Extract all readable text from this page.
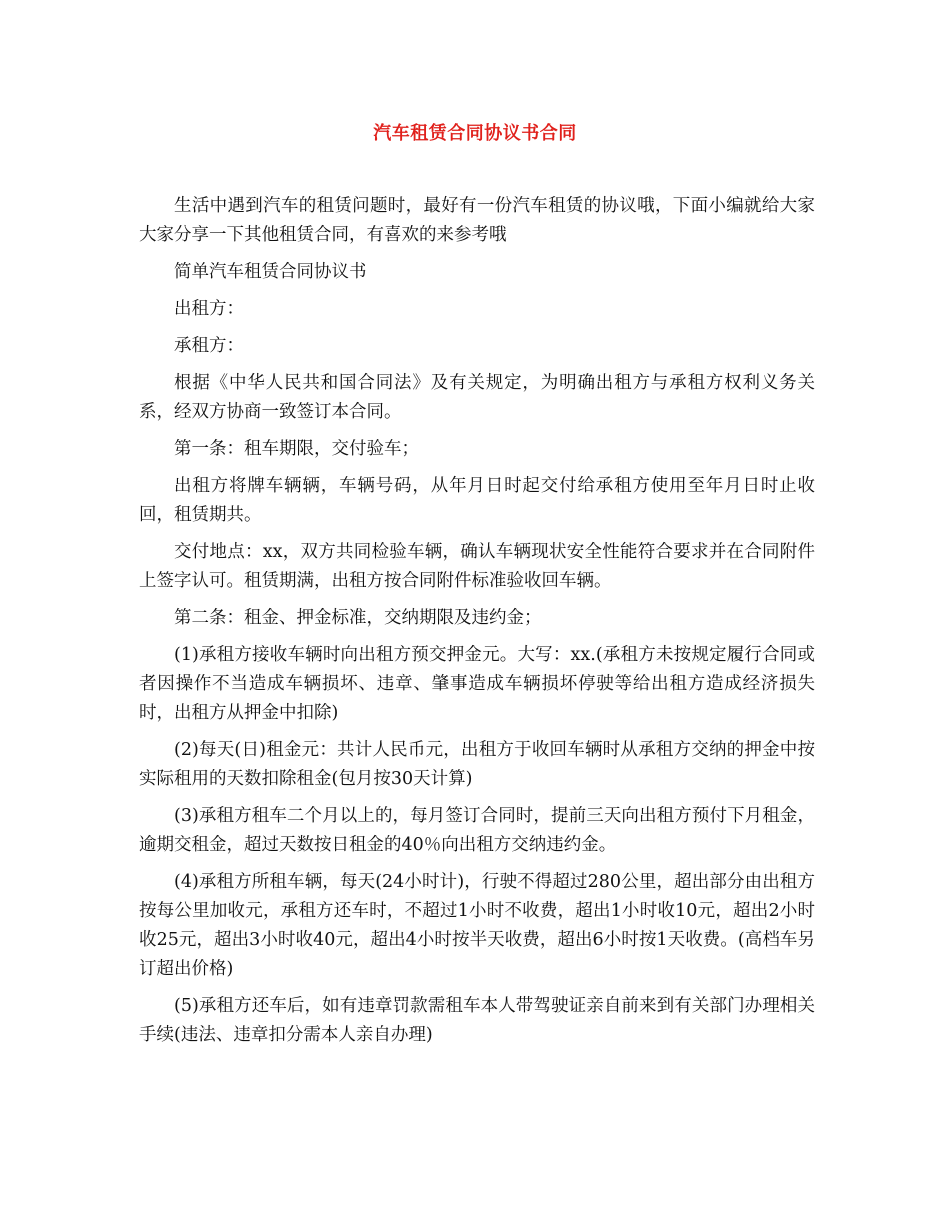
汽车租赁合同协议书合同

生活中遇到汽车的租赁问题时，最好有一份汽车租赁的协议哦，下面小编就给大家大家分享一下其他租赁合同，有喜欢的来参考哦

简单汽车租赁合同协议书

出租方：

承租方：

根据《中华人民共和国合同法》及有关规定，为明确出租方与承租方权利义务关系，经双方协商一致签订本合同。

第一条：租车期限，交付验车；

出租方将牌车辆辆，车辆号码，从年月日时起交付给承租方使用至年月日时止收回，租赁期共。

交付地点：xx，双方共同检验车辆，确认车辆现状安全性能符合要求并在合同附件上签字认可。租赁期满，出租方按合同附件标准验收回车辆。

第二条：租金、押金标准，交纳期限及违约金；

(1)承租方接收车辆时向出租方预交押金元。大写：xx.(承租方未按规定履行合同或者因操作不当造成车辆损坏、违章、肇事造成车辆损坏停驶等给出租方造成经济损失时，出租方从押金中扣除)

(2)每天(日)租金元：共计人民币元，出租方于收回车辆时从承租方交纳的押金中按实际租用的天数扣除租金(包月按30天计算)

(3)承租方租车二个月以上的，每月签订合同时，提前三天向出租方预付下月租金，逾期交租金，超过天数按日租金的40％向出租方交纳违约金。

(4)承租方所租车辆，每天(24小时计)，行驶不得超过280公里，超出部分由出租方按每公里加收元，承租方还车时，不超过1小时不收费，超出1小时收10元，超出2小时收25元，超出3小时收40元，超出4小时按半天收费，超出6小时按1天收费。(高档车另订超出价格)

(5)承租方还车后，如有违章罚款需租车本人带驾驶证亲自前来到有关部门办理相关手续(违法、违章扣分需本人亲自办理)
